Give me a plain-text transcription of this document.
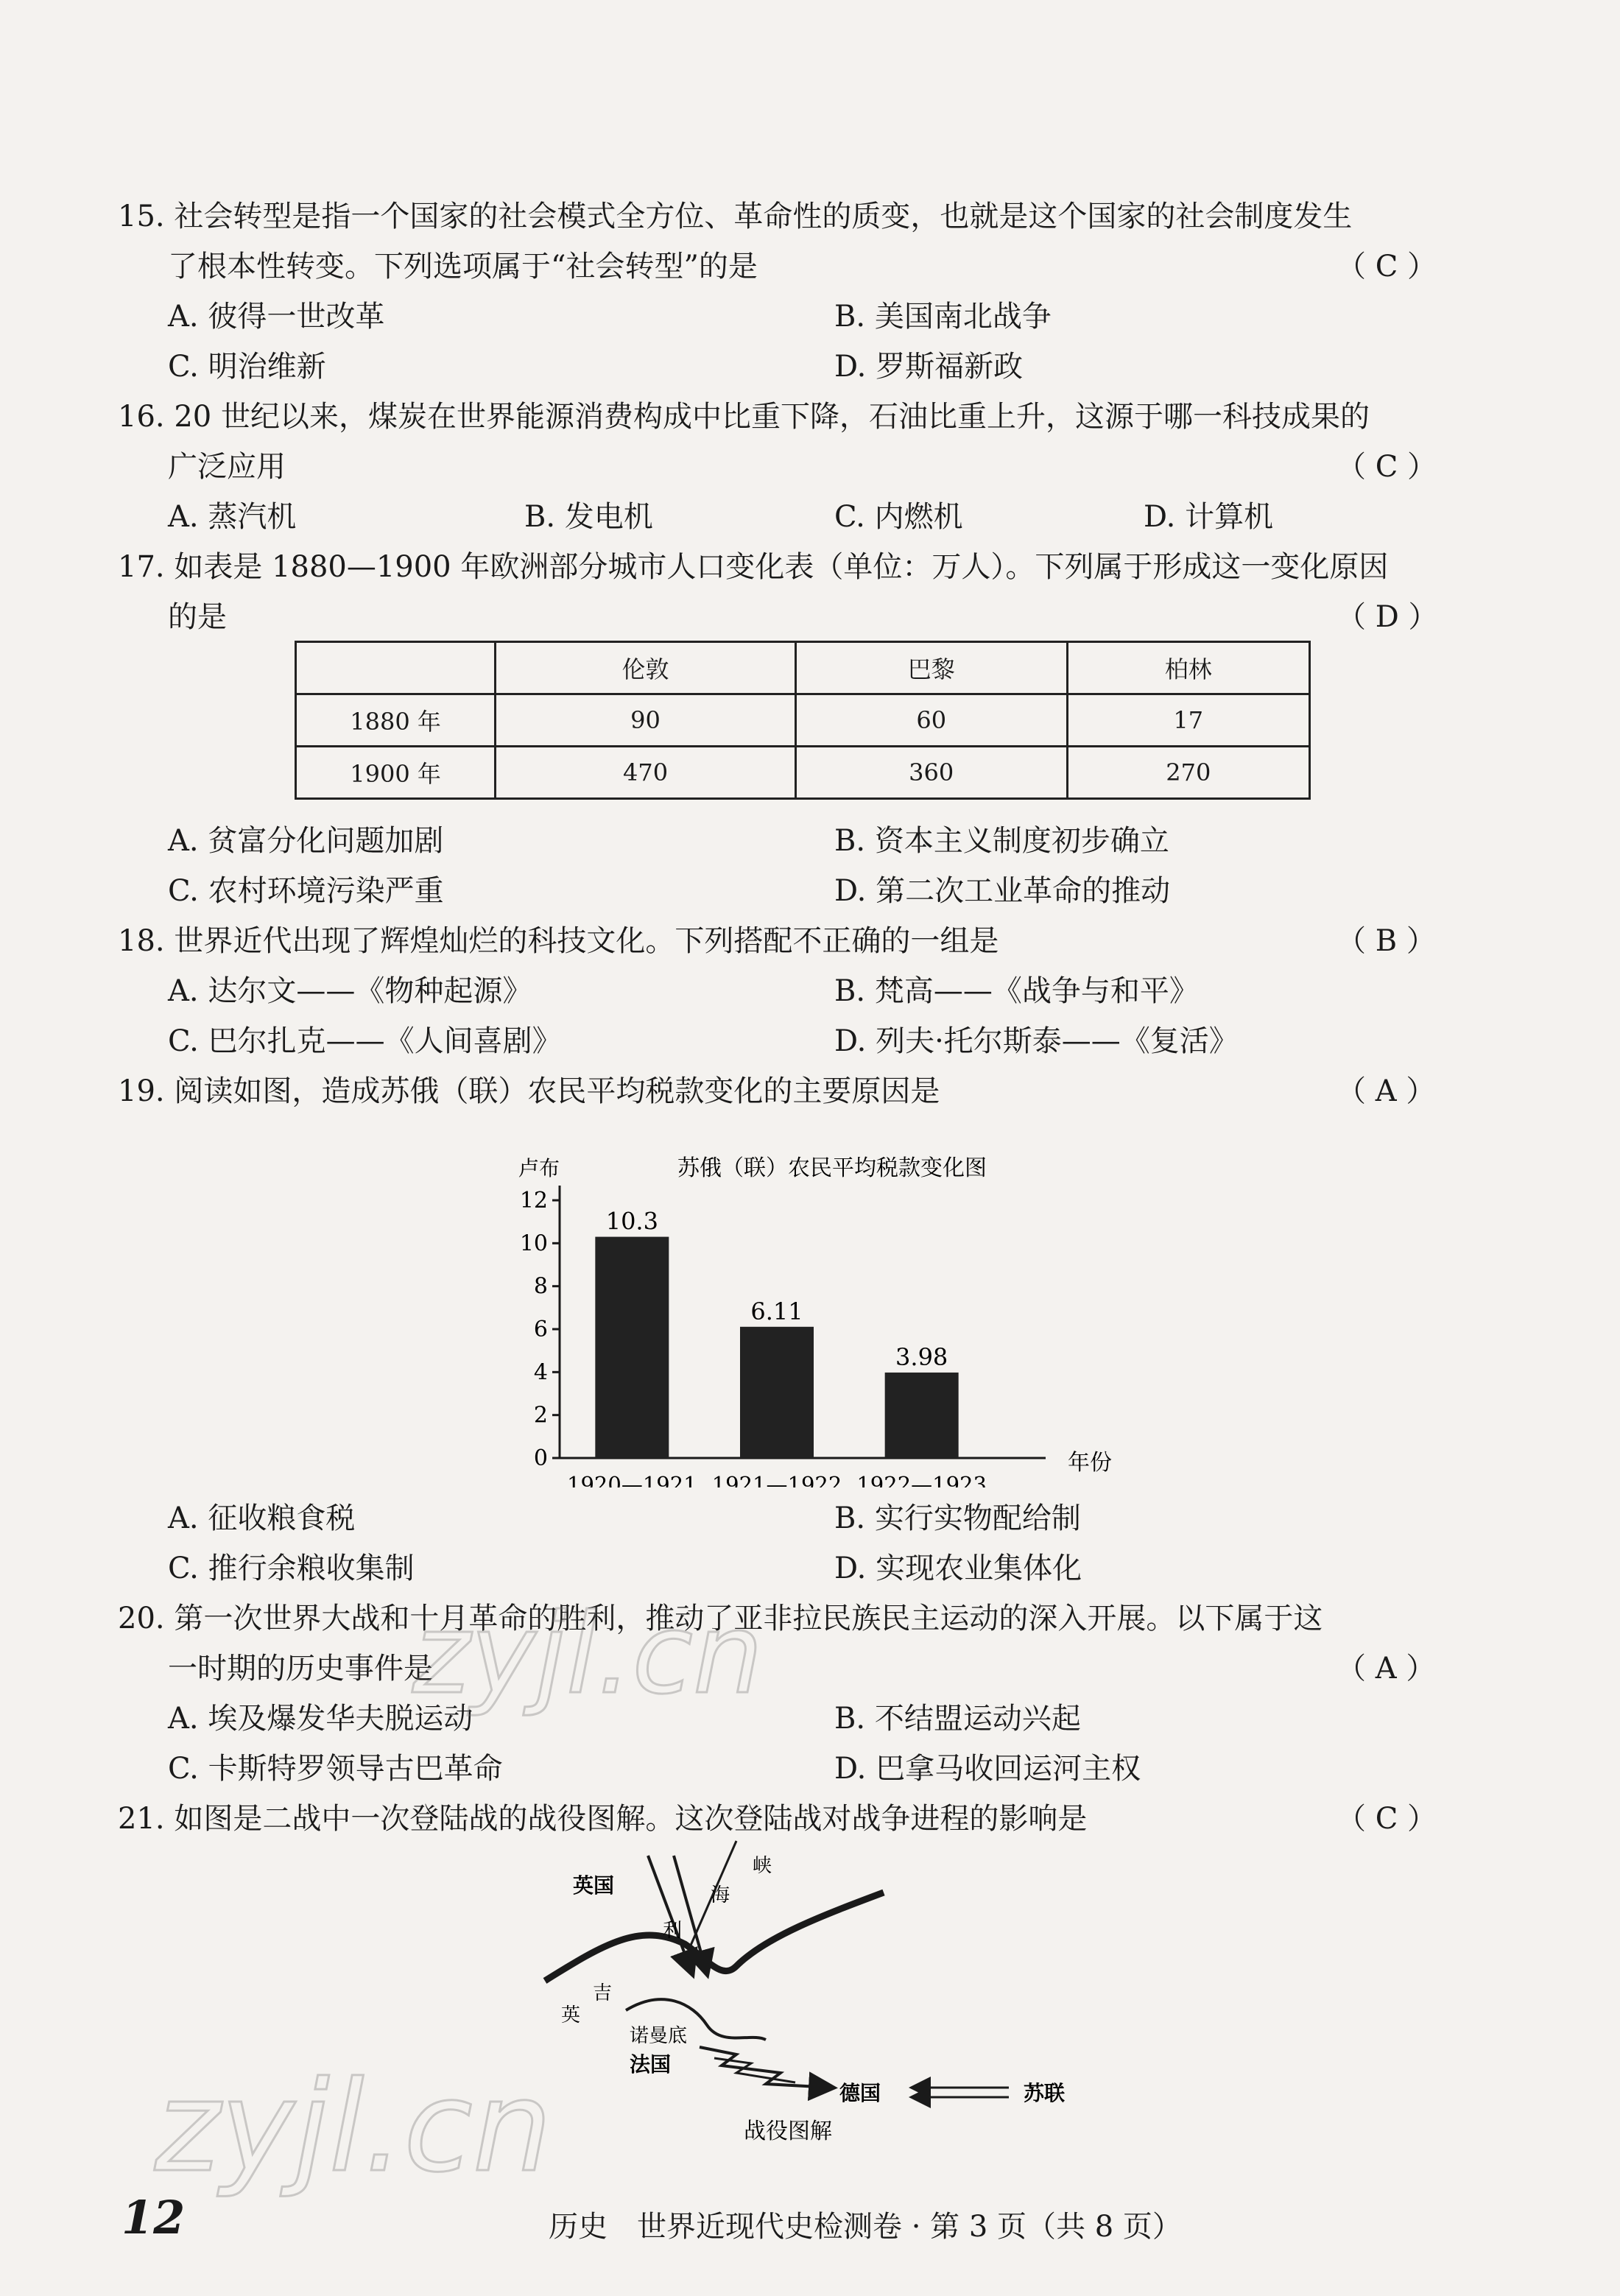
15. 社会转型是指一个国家的社会模式全方位、革命性的质变，也就是这个国家的社会制度发生
了根本性转变。下列选项属于“社会转型”的是	（ C ）
A. 彼得一世改革	B. 美国南北战争
C. 明治维新	D. 罗斯福新政
16. 20 世纪以来，煤炭在世界能源消费构成中比重下降，石油比重上升，这源于哪一科技成果的
广泛应用	（ C ）
A. 蒸汽机	B. 发电机	C. 内燃机	D. 计算机
17. 如表是 1880—1900 年欧洲部分城市人口变化表（单位：万人）。下列属于形成这一变化原因
的是	（ D ）
	伦敦	巴黎	柏林
1880 年	90	60	17
1900 年	470	360	270
A. 贫富分化问题加剧	B. 资本主义制度初步确立
C. 农村环境污染严重	D. 第二次工业革命的推动
18. 世界近代出现了辉煌灿烂的科技文化。下列搭配不正确的一组是	（ B ）
A. 达尔文——《物种起源》	B. 梵高——《战争与和平》
C. 巴尔扎克——《人间喜剧》	D. 列夫·托尔斯泰——《复活》
19. 阅读如图，造成苏俄（联）农民平均税款变化的主要原因是	（ A ）
卢布	苏俄（联）农民平均税款变化图
0
2
4
6
8
10
12
10.3
1920—1921
6.11
1921—1922
3.98
1922—1923
年份
A. 征收粮食税	B. 实行实物配给制
C. 推行余粮收集制	D. 实现农业集体化
20. 第一次世界大战和十月革命的胜利，推动了亚非拉民族民主运动的深入开展。以下属于这
一时期的历史事件是	（ A ）
A. 埃及爆发华夫脱运动	B. 不结盟运动兴起
C. 卡斯特罗领导古巴革命	D. 巴拿马收回运河主权
21. 如图是二战中一次登陆战的战役图解。这次登陆战对战争进程的影响是	（ C ）
英国
英
吉
利
海
峡
诺曼底
法国
德国	苏联
战役图解
zyjl.cn
zyjl.cn
12	历史　世界近现代史检测卷 · 第 3 页（共 8 页）
